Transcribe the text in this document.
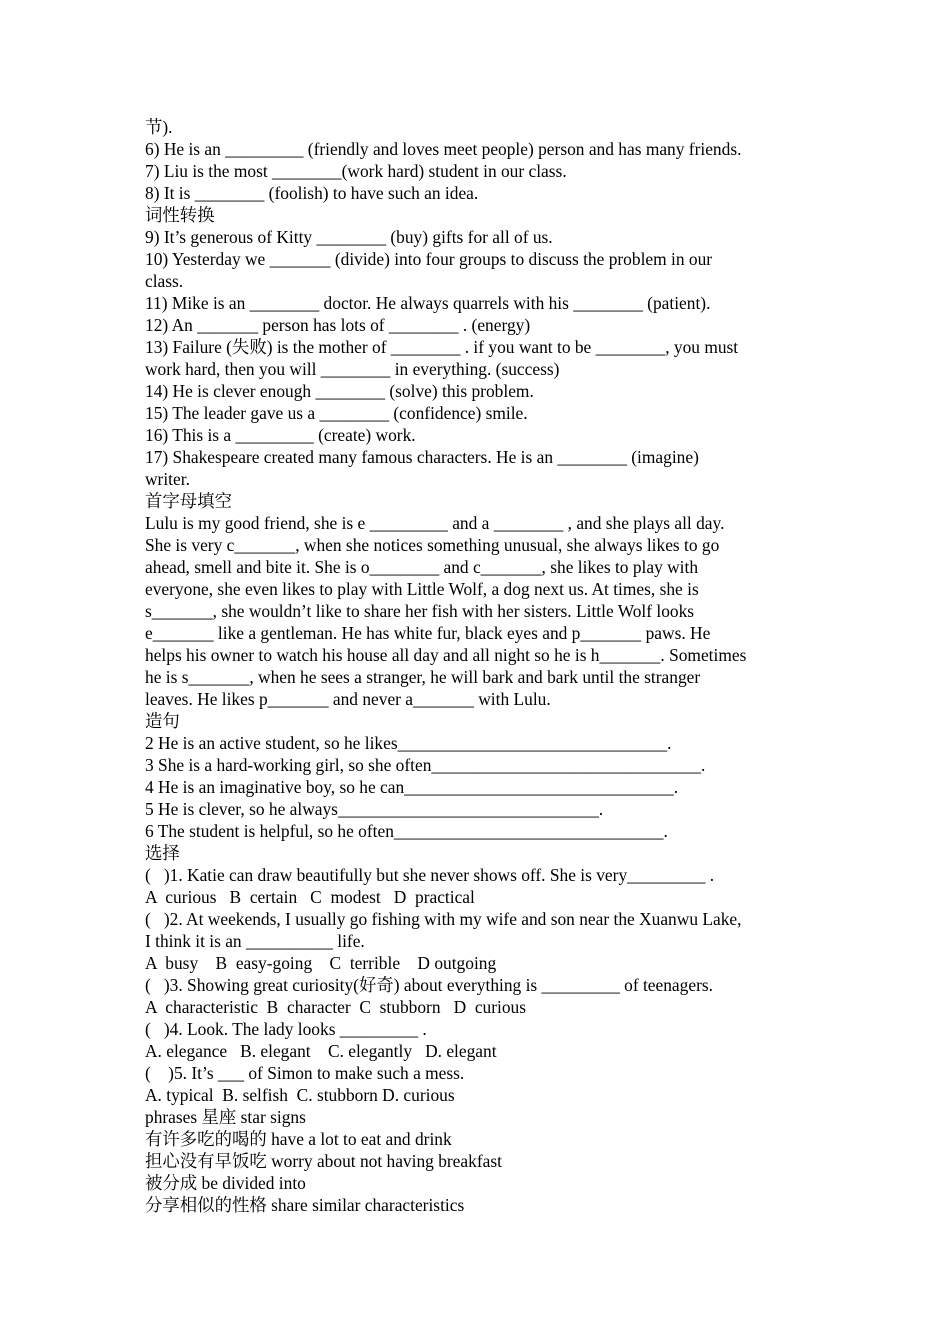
节).
6) He is an _________ (friendly and loves meet people) person and has many friends.
7) Liu is the most ________(work hard) student in our class.
8) It is ________ (foolish) to have such an idea.
词性转换
9) It’s generous of Kitty ________ (buy) gifts for all of us.
10) Yesterday we _______ (divide) into four groups to discuss the problem in our
class.
11) Mike is an ________ doctor. He always quarrels with his ________ (patient).
12) An _______ person has lots of ________ . (energy)
13) Failure (失败) is the mother of ________ . if you want to be ________, you must
work hard, then you will ________ in everything. (success)
14) He is clever enough ________ (solve) this problem.
15) The leader gave us a ________ (confidence) smile.
16) This is a _________ (create) work.
17) Shakespeare created many famous characters. He is an ________ (imagine)
writer.
首字母填空
Lulu is my good friend, she is e _________ and a ________ , and she plays all day.
She is very c_______, when she notices something unusual, she always likes to go
ahead, smell and bite it. She is o________ and c_______, she likes to play with
everyone, she even likes to play with Little Wolf, a dog next us. At times, she is
s_______, she wouldn’t like to share her fish with her sisters. Little Wolf looks
e_______ like a gentleman. He has white fur, black eyes and p_______ paws. He
helps his owner to watch his house all day and all night so he is h_______. Sometimes
he is s_______, when he sees a stranger, he will bark and bark until the stranger
leaves. He likes p_______ and never a_______ with Lulu.
造句
2 He is an active student, so he likes_______________________________.
3 She is a hard-working girl, so she often_______________________________.
4 He is an imaginative boy, so he can_______________________________.
5 He is clever, so he always______________________________.
6 The student is helpful, so he often_______________________________.
选择
(   )1. Katie can draw beautifully but she never shows off. She is very_________ .
A  curious   B  certain   C  modest   D  practical
(   )2. At weekends, I usually go fishing with my wife and son near the Xuanwu Lake,
I think it is an __________ life.
A  busy    B  easy-going    C  terrible    D outgoing
(   )3. Showing great curiosity(好奇) about everything is _________ of teenagers.
A  characteristic  B  character  C  stubborn   D  curious
(   )4. Look. The lady looks _________ .
A. elegance   B. elegant    C. elegantly   D. elegant
(    )5. It’s ___ of Simon to make such a mess.
A. typical  B. selfish  C. stubborn D. curious
phrases 星座 star signs
有许多吃的喝的 have a lot to eat and drink
担心没有早饭吃 worry about not having breakfast
被分成 be divided into
分享相似的性格 share similar characteristics
